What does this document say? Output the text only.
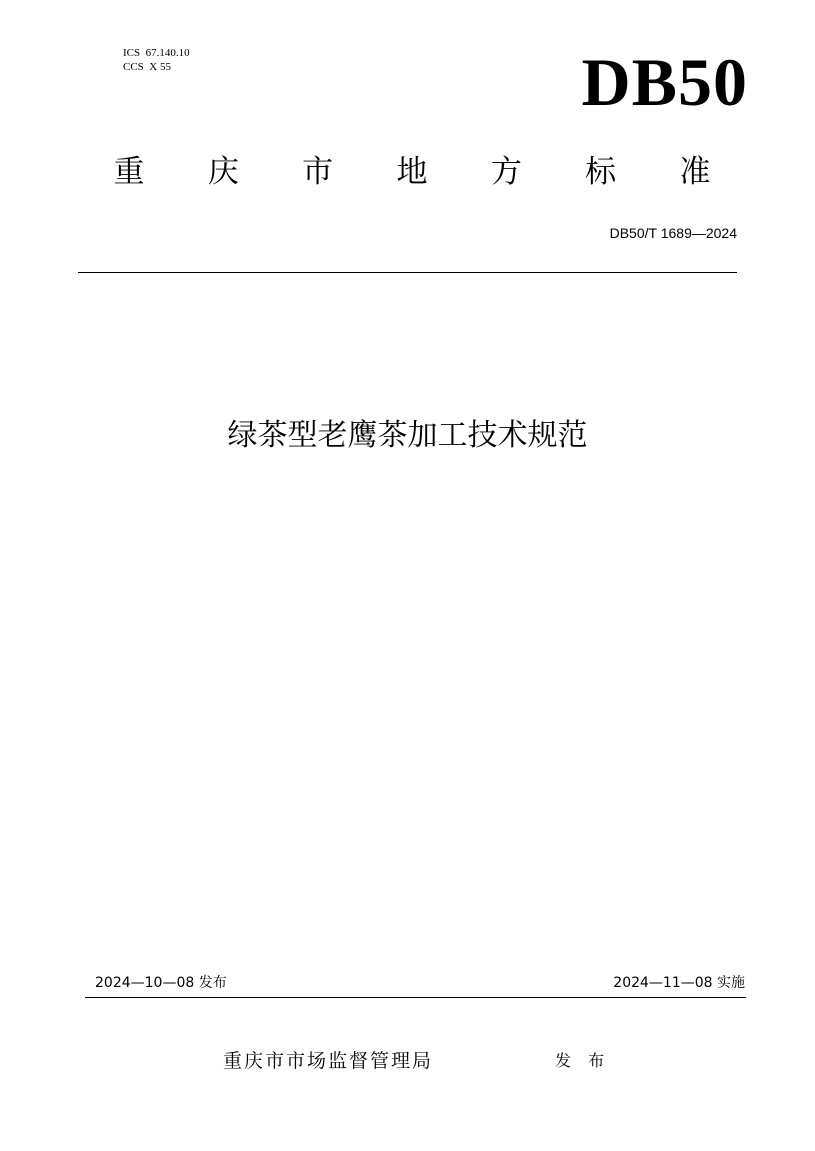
ICS  67.140.10
CCS  X 55	DB50
重 庆 市 地 方 标 准
DB50/T 1689—2024
绿茶型老鹰茶加工技术规范
2024—10—08 发布	2024—11—08 实施
重庆市市场监督管理局	发 布
